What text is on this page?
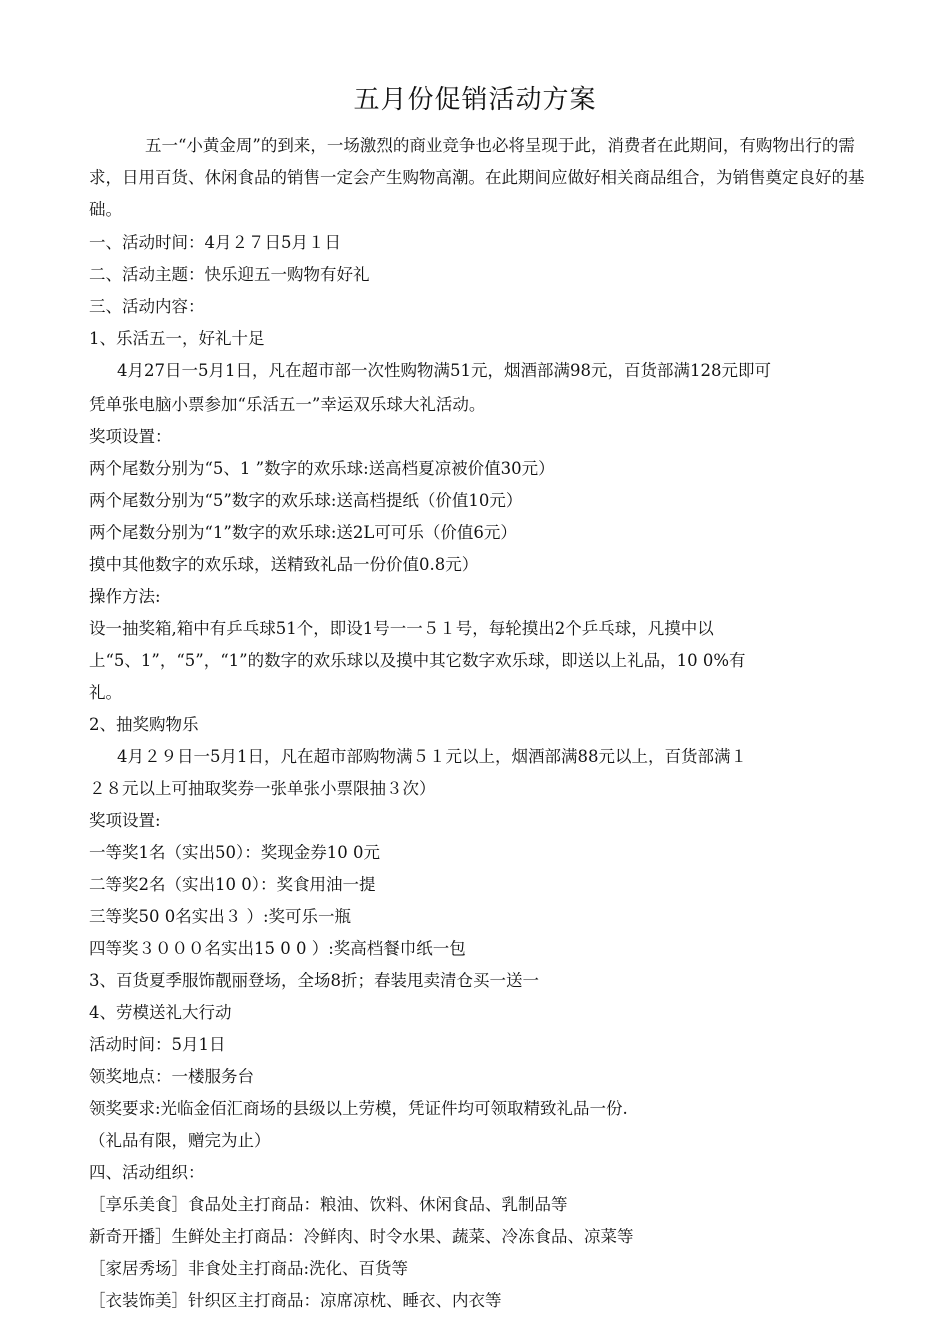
五月份促销活动方案

五一“小黄金周”的到来，一场激烈的商业竞争也必将呈现于此，消费者在此期间，有购物出行的需求，日用百货、休闲食品的销售一定会产生购物高潮。在此期间应做好相关商品组合，为销售奠定良好的基础。

一、活动时间：4月２７日5月１日

二、活动主题：快乐迎五一购物有好礼

三、活动内容：

1、乐活五一，好礼十足

4月27日一5月1日，凡在超市部一次性购物满51元，烟酒部满98元，百货部满128元即可

凭单张电脑小票参加“乐活五一”幸运双乐球大礼活动。

奖项设置：

两个尾数分别为“5、1 ”数字的欢乐球:送高档夏凉被价值30元）

两个尾数分别为“5”数字的欢乐球:送高档提纸（价值10元）

两个尾数分别为“1”数字的欢乐球:送2L可可乐（价值6元）

摸中其他数字的欢乐球，送精致礼品一份价值0.8元）

操作方法:

设一抽奖箱,箱中有乒乓球51个，即设1号一一５１号，每轮摸出2个乒乓球，凡摸中以

上“5、1”，“5”，“1”的数字的欢乐球以及摸中其它数字欢乐球，即送以上礼品，10 0%有

礼。

2、抽奖购物乐

4月２９日一5月1日，凡在超市部购物满５１元以上，烟酒部满88元以上，百货部满１

２８元以上可抽取奖券一张单张小票限抽３次）

奖项设置:

一等奖1名（实出50）：奖现金券10 0元

二等奖2名（实出10 0）：奖食用油一提

三等奖50 0名实出３ ）:奖可乐一瓶

四等奖３０００名实出15 0 0 ）:奖高档餐巾纸一包

3、百货夏季服饰靓丽登场，全场8折；春装甩卖清仓买一送一

4、劳模送礼大行动

活动时间：5月1日

领奖地点：一楼服务台

领奖要求:光临金佰汇商场的县级以上劳模，凭证件均可领取精致礼品一份.

（礼品有限，赠完为止）

四、活动组织：

［享乐美食］食品处主打商品：粮油、饮料、休闲食品、乳制品等

新奇开播］生鲜处主打商品：冷鲜肉、时令水果、蔬菜、冷冻食品、凉菜等

［家居秀场］非食处主打商品:洗化、百货等

［衣装饰美］针织区主打商品：凉席凉枕、睡衣、内衣等
